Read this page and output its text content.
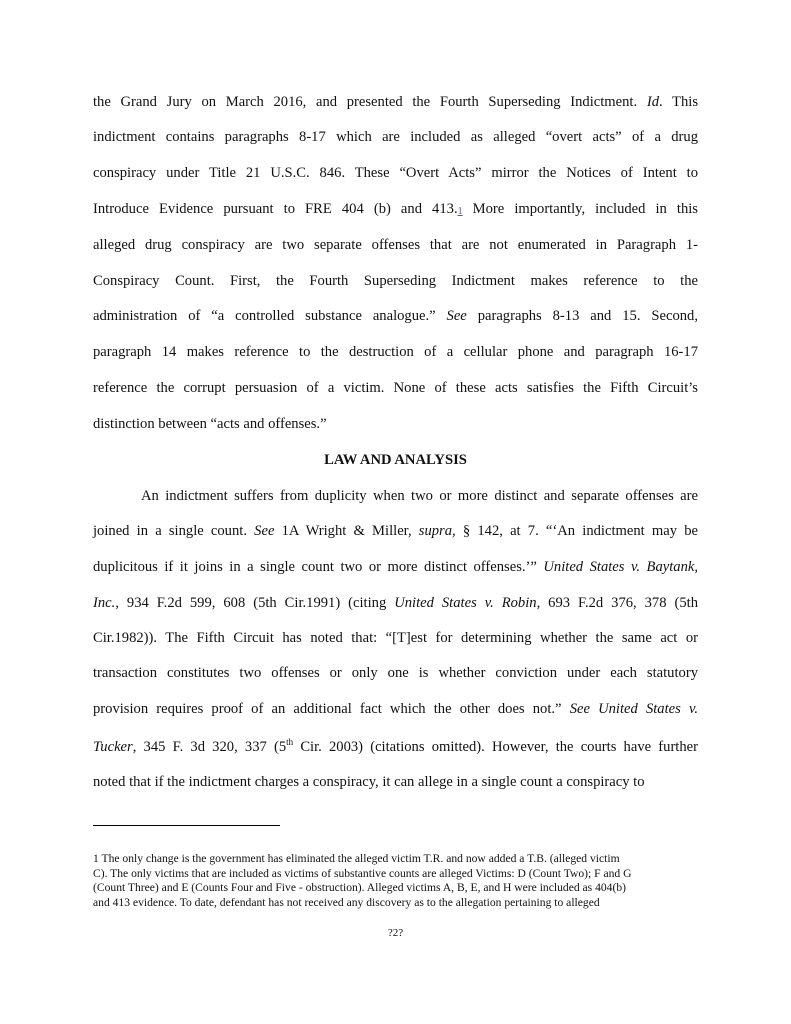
the Grand Jury on March 2016, and presented the Fourth Superseding Indictment. Id. This
indictment contains paragraphs 8-17 which are included as alleged “overt acts” of a drug
conspiracy under Title 21 U.S.C. 846. These “Overt Acts” mirror the Notices of Intent to
Introduce Evidence pursuant to FRE 404 (b) and 413.1 More importantly, included in this
alleged drug conspiracy are two separate offenses that are not enumerated in Paragraph 1-
Conspiracy Count. First, the Fourth Superseding Indictment makes reference to the
administration of “a controlled substance analogue.” See paragraphs 8-13 and 15. Second,
paragraph 14 makes reference to the destruction of a cellular phone and paragraph 16-17
reference the corrupt persuasion of a victim. None of these acts satisfies the Fifth Circuit’s
distinction between “acts and offenses.”
LAW AND ANALYSIS
An indictment suffers from duplicity when two or more distinct and separate offenses are
joined in a single count. See 1A Wright & Miller, supra, § 142, at 7. “‘An indictment may be
duplicitous if it joins in a single count two or more distinct offenses.’” United States v. Baytank,
Inc., 934 F.2d 599, 608 (5th Cir.1991) (citing United States v. Robin, 693 F.2d 376, 378 (5th
Cir.1982)). The Fifth Circuit has noted that: “[T]est for determining whether the same act or
transaction constitutes two offenses or only one is whether conviction under each statutory
provision requires proof of an additional fact which the other does not.” See United States v.
Tucker, 345 F. 3d 320, 337 (5th Cir. 2003) (citations omitted). However, the courts have further
noted that if the indictment charges a conspiracy, it can allege in a single count a conspiracy to
1 The only change is the government has eliminated the alleged victim T.R. and now added a T.B. (alleged victim
C). The only victims that are included as victims of substantive counts are alleged Victims: D (Count Two); F and G
(Count Three) and E (Counts Four and Five - obstruction). Alleged victims A, B, E, and H were included as 404(b)
and 413 evidence. To date, defendant has not received any discovery as to the allegation pertaining to alleged
?2?
